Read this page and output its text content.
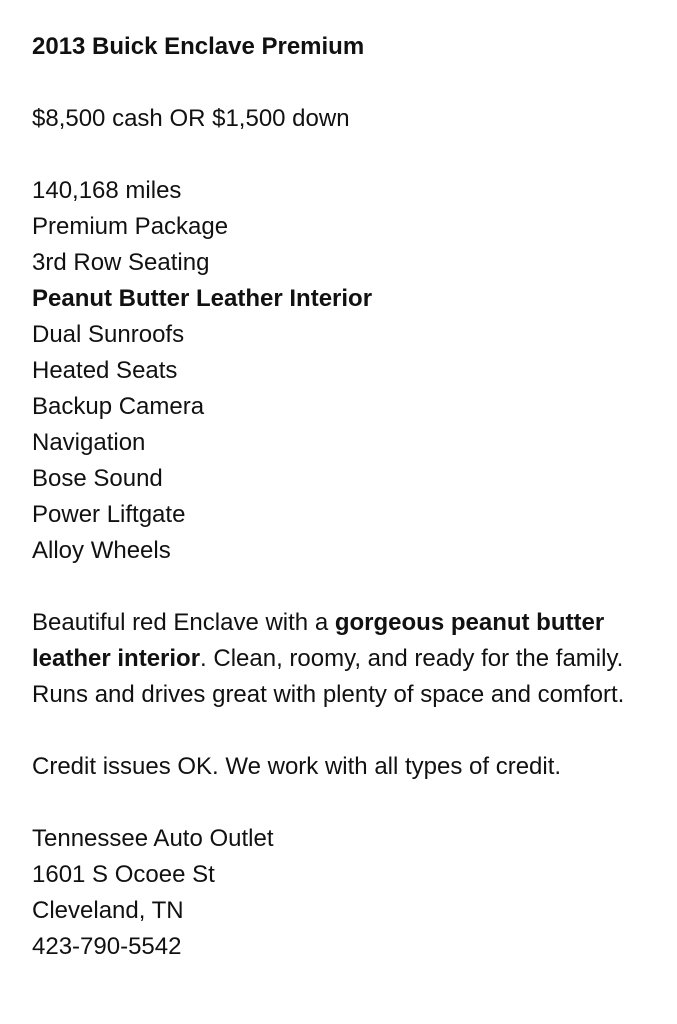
2013 Buick Enclave Premium
$8,500 cash OR $1,500 down
140,168 miles
Premium Package
3rd Row Seating
Peanut Butter Leather Interior
Dual Sunroofs
Heated Seats
Backup Camera
Navigation
Bose Sound
Power Liftgate
Alloy Wheels
Beautiful red Enclave with a gorgeous peanut butter leather interior. Clean, roomy, and ready for the family. Runs and drives great with plenty of space and comfort.
Credit issues OK. We work with all types of credit.
Tennessee Auto Outlet
1601 S Ocoee St
Cleveland, TN
423-790-5542
